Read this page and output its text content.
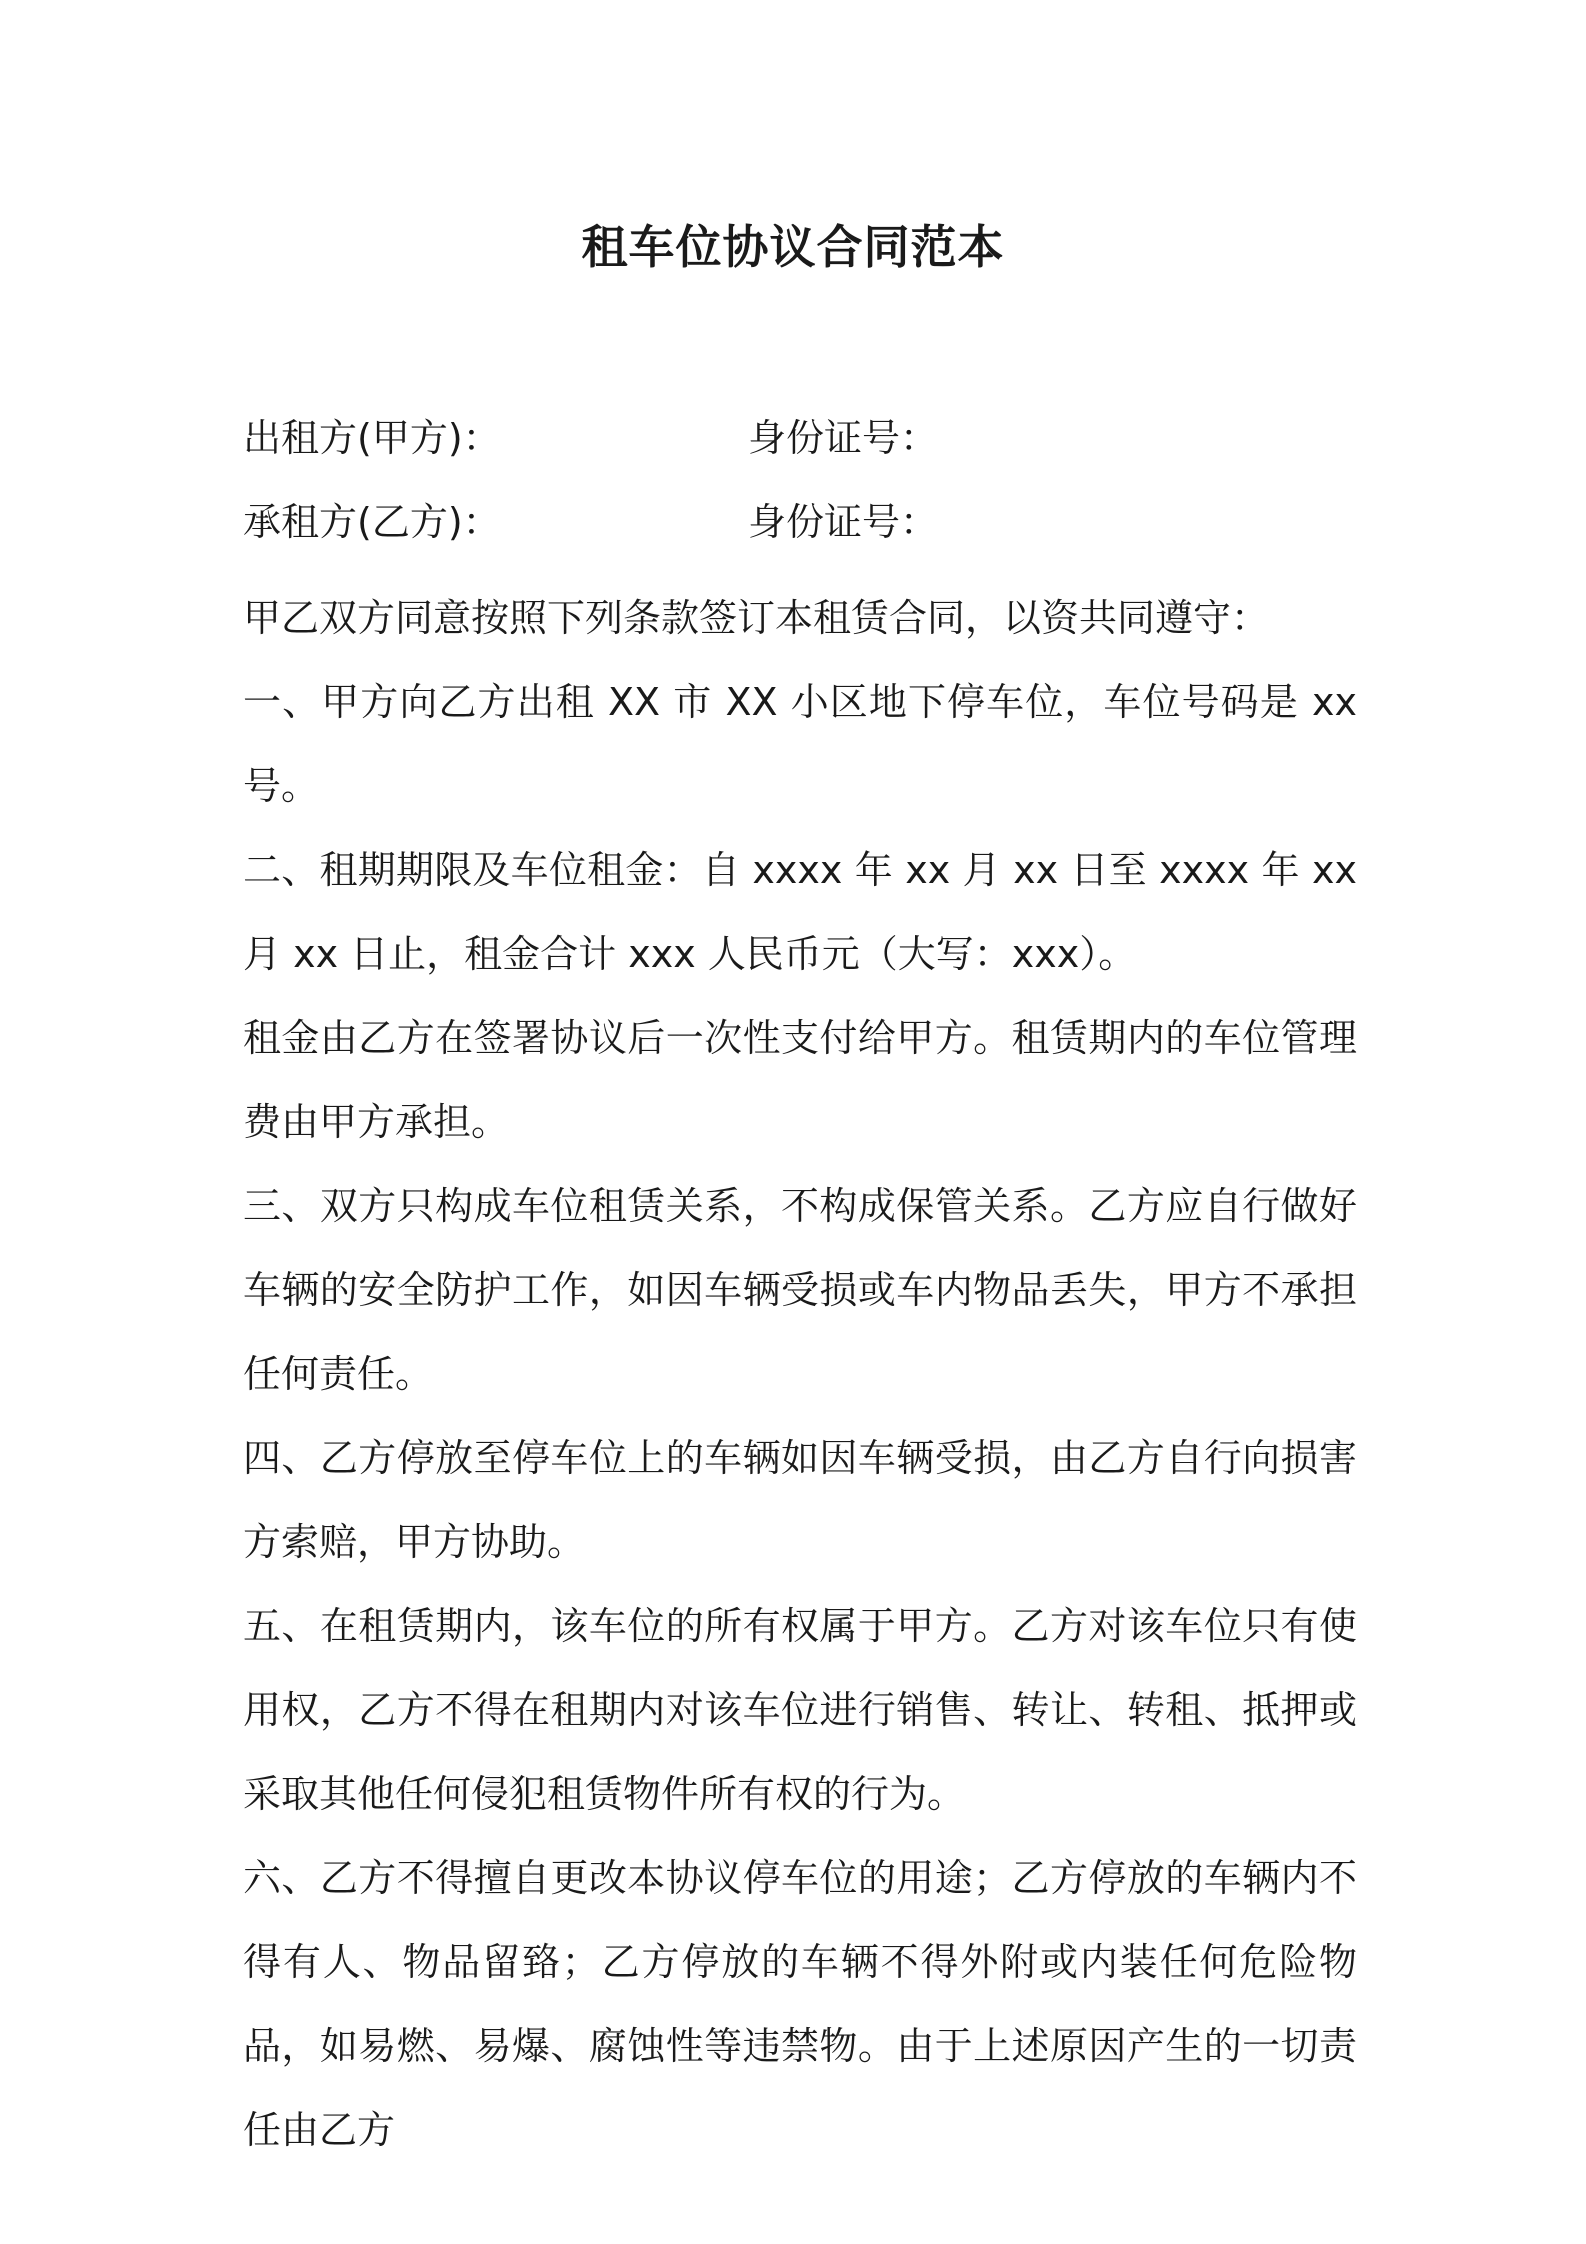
租车位协议合同范本
出租方(甲方)：	身份证号：
承租方(乙方)：	身份证号：

甲乙双方同意按照下列条款签订本租赁合同，以资共同遵守：

一、甲方向乙方出租 XX 市 XX 小区地下停车位，车位号码是 xx 号。

二、租期期限及车位租金：自 xxxx 年 xx 月 xx 日至 xxxx 年 xx 月 xx 日止，租金合计 xxx 人民币元（大写：xxx）。

租金由乙方在签署协议后一次性支付给甲方。租赁期内的车位管理费由甲方承担。

三、双方只构成车位租赁关系，不构成保管关系。乙方应自行做好车辆的安全防护工作，如因车辆受损或车内物品丢失，甲方不承担任何责任。

四、乙方停放至停车位上的车辆如因车辆受损，由乙方自行向损害方索赔，甲方协助。

五、在租赁期内，该车位的所有权属于甲方。乙方对该车位只有使用权，乙方不得在租期内对该车位进行销售、转让、转租、抵押或采取其他任何侵犯租赁物件所有权的行为。

六、乙方不得擅自更改本协议停车位的用途；乙方停放的车辆内不得有人、物品留臵；乙方停放的车辆不得外附或内装任何危险物品，如易燃、易爆、腐蚀性等违禁物。由于上述原因产生的一切责任由乙方
